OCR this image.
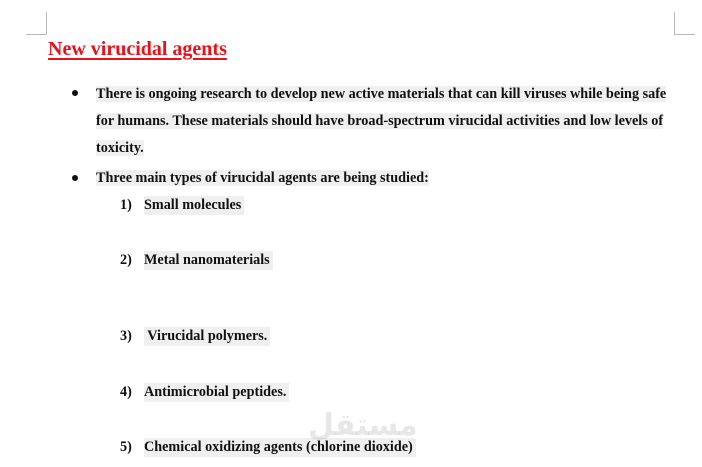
New virucidal agents
There is ongoing research to develop new active materials that can kill viruses while being safe for humans. These materials should have broad-spectrum virucidal activities and low levels of toxicity.
Three main types of virucidal agents are being studied:
1) Small molecules
2) Metal nanomaterials
3) Virucidal polymers.
4) Antimicrobial peptides.
5) Chemical oxidizing agents (chlorine dioxide)
مستقل
